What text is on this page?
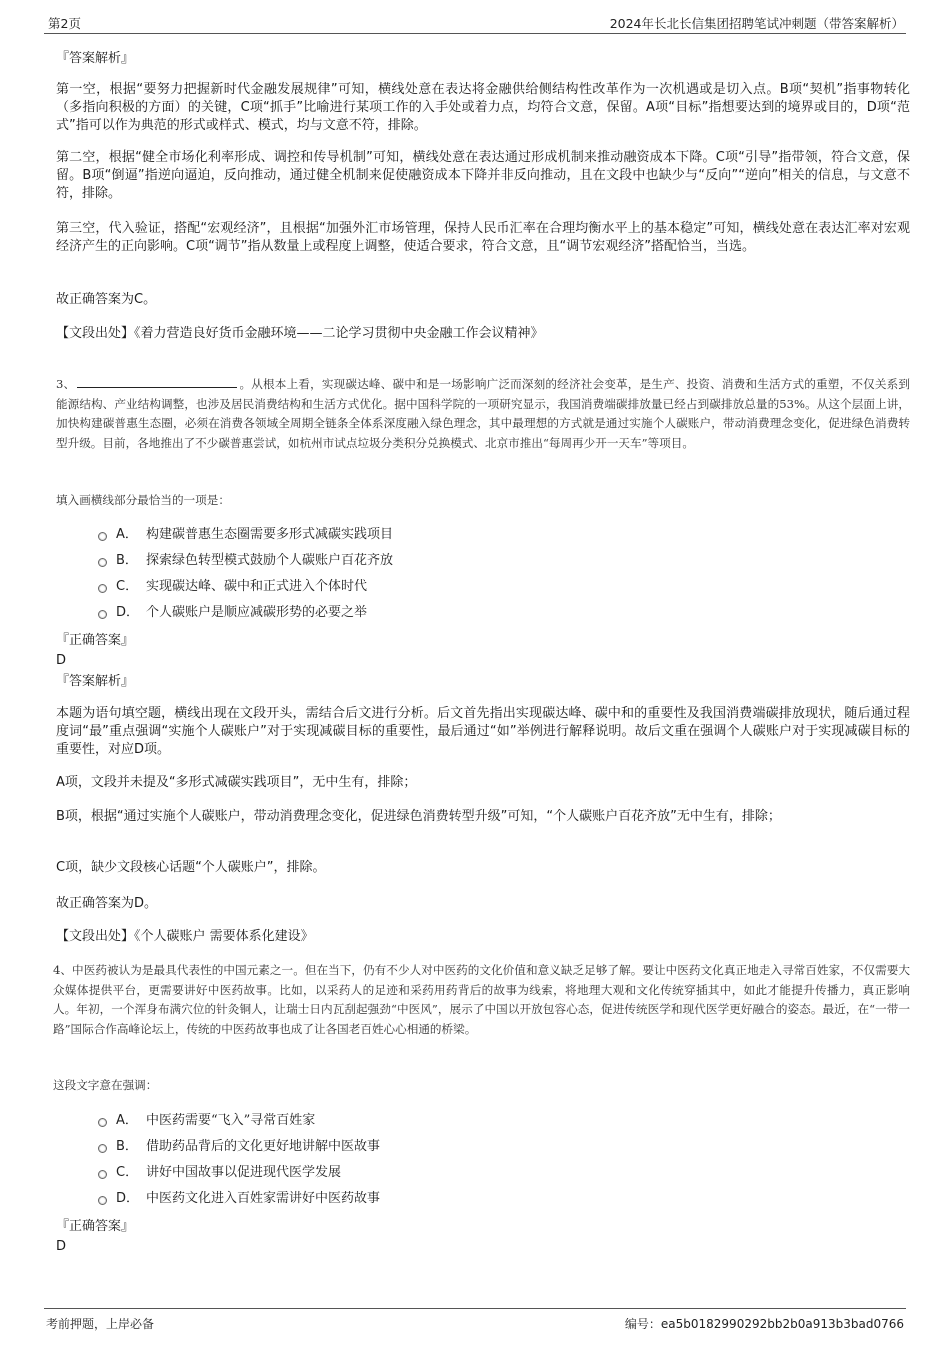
第2页	2024年长北长信集团招聘笔试冲刺题（带答案解析）
『答案解析』

第一空，根据“要努力把握新时代金融发展规律”可知，横线处意在表达将金融供给侧结构性改革作为一次机遇或是切入点。B项“契机”指事物转化（多指向积极的方面）的关键，C项“抓手”比喻进行某项工作的入手处或着力点，均符合文意，保留。A项“目标”指想要达到的境界或目的，D项“范式”指可以作为典范的形式或样式、模式，均与文意不符，排除。

第二空，根据“健全市场化利率形成、调控和传导机制”可知，横线处意在表达通过形成机制来推动融资成本下降。C项“引导”指带领，符合文意，保留。B项“倒逼”指逆向逼迫，反向推动，通过健全机制来促使融资成本下降并非反向推动，且在文段中也缺少与“反向”“逆向”相关的信息，与文意不符，排除。

第三空，代入验证，搭配“宏观经济”，且根据“加强外汇市场管理，保持人民币汇率在合理均衡水平上的基本稳定”可知，横线处意在表达汇率对宏观经济产生的正向影响。C项“调节”指从数量上或程度上调整，使适合要求，符合文意，且“调节宏观经济”搭配恰当，当选。

故正确答案为C。

【文段出处】《着力营造良好货币金融环境——二论学习贯彻中央金融工作会议精神》

3、	。从根本上看，实现碳达峰、碳中和是一场影响广泛而深刻的经济社会变革，是生产、投资、消费和生活方式的重塑，不仅关系到能源结构、产业结构调整，也涉及居民消费结构和生活方式优化。据中国科学院的一项研究显示，我国消费端碳排放量已经占到碳排放总量的53%。从这个层面上讲，加快构建碳普惠生态圈，必须在消费各领域全周期全链条全体系深度融入绿色理念，其中最理想的方式就是通过实施个人碳账户，带动消费理念变化，促进绿色消费转型升级。目前，各地推出了不少碳普惠尝试，如杭州市试点垃圾分类积分兑换模式、北京市推出“每周再少开一天车”等项目。

填入画横线部分最恰当的一项是：

A． 构建碳普惠生态圈需要多形式减碳实践项目
B． 探索绿色转型模式鼓励个人碳账户百花齐放
C． 实现碳达峰、碳中和正式进入个体时代
D． 个人碳账户是顺应减碳形势的必要之举
『正确答案』
D
『答案解析』

本题为语句填空题，横线出现在文段开头，需结合后文进行分析。后文首先指出实现碳达峰、碳中和的重要性及我国消费端碳排放现状，随后通过程度词“最”重点强调“实施个人碳账户”对于实现减碳目标的重要性，最后通过“如”举例进行解释说明。故后文重在强调个人碳账户对于实现减碳目标的重要性，对应D项。

A项，文段并未提及“多形式减碳实践项目”，无中生有，排除；

B项，根据“通过实施个人碳账户，带动消费理念变化，促进绿色消费转型升级”可知，“个人碳账户百花齐放”无中生有，排除；

C项，缺少文段核心话题“个人碳账户”，排除。

故正确答案为D。

【文段出处】《个人碳账户 需要体系化建设》

4、中医药被认为是最具代表性的中国元素之一。但在当下，仍有不少人对中医药的文化价值和意义缺乏足够了解。要让中医药文化真正地走入寻常百姓家，不仅需要大众媒体提供平台，更需要讲好中医药故事。比如，以采药人的足迹和采药用药背后的故事为线索，将地理大观和文化传统穿插其中，如此才能提升传播力，真正影响人。年初，一个浑身布满穴位的针灸铜人，让瑞士日内瓦刮起强劲“中医风”，展示了中国以开放包容心态，促进传统医学和现代医学更好融合的姿态。最近，在“一带一路”国际合作高峰论坛上，传统的中医药故事也成了让各国老百姓心心相通的桥梁。

这段文字意在强调：

A． 中医药需要“飞入”寻常百姓家
B． 借助药品背后的文化更好地讲解中医故事
C． 讲好中国故事以促进现代医学发展
D． 中医药文化进入百姓家需讲好中医药故事
『正确答案』
D
考前押题，上岸必备	编号：ea5b0182990292bb2b0a913b3bad0766
